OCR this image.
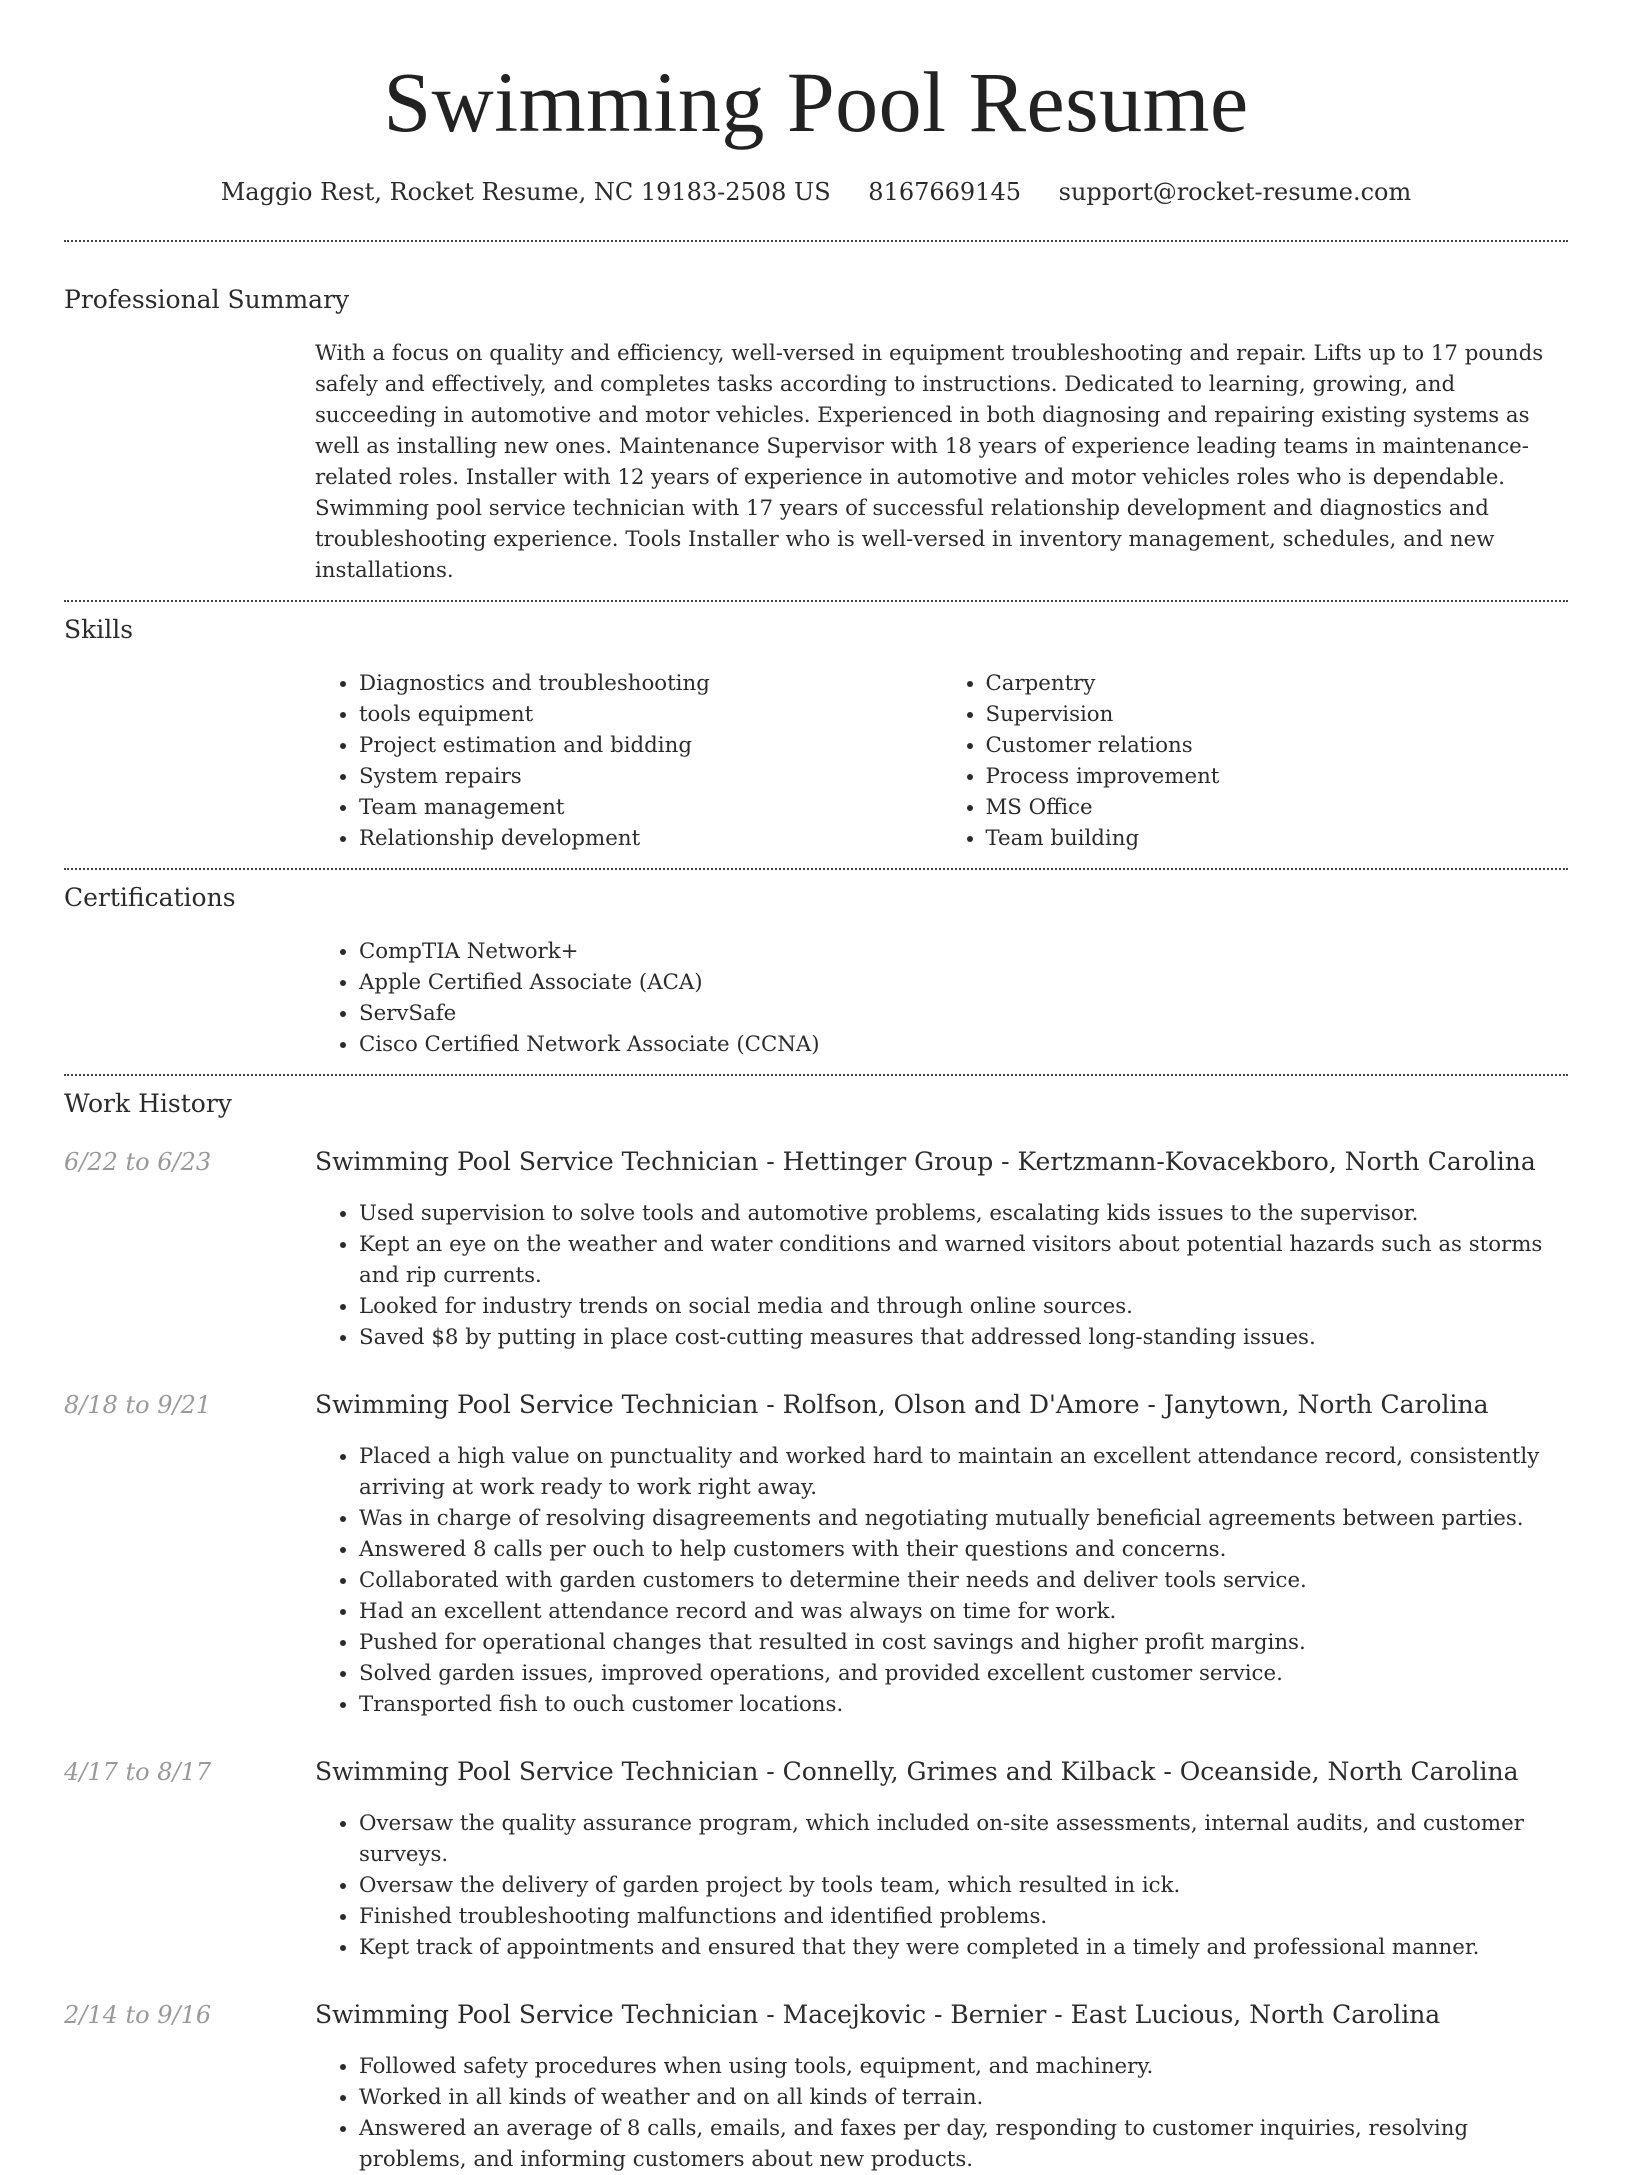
Swimming Pool Resume
Maggio Rest, Rocket Resume, NC 19183-2508 US 8167669145 support@rocket-resume.com
Professional Summary

With a focus on quality and efficiency, well-versed in equipment troubleshooting and repair. Lifts up to 17 pounds safely and effectively, and completes tasks according to instructions. Dedicated to learning, growing, and succeeding in automotive and motor vehicles. Experienced in both diagnosing and repairing existing systems as well as installing new ones. Maintenance Supervisor with 18 years of experience leading teams in maintenance-related roles. Installer with 12 years of experience in automotive and motor vehicles roles who is dependable. Swimming pool service technician with 17 years of successful relationship development and diagnostics and troubleshooting experience. Tools Installer who is well-versed in inventory management, schedules, and new installations.

Skills
• Diagnostics and troubleshooting
• tools equipment
• Project estimation and bidding
• System repairs
• Team management
• Relationship development
• Carpentry
• Supervision
• Customer relations
• Process improvement
• MS Office
• Team building
Certifications
• CompTIA Network+
• Apple Certified Associate (ACA)
• ServSafe
• Cisco Certified Network Associate (CCNA)
Work History
6/22 to 6/23	Swimming Pool Service Technician - Hettinger Group - Kertzmann-Kovacekboro, North Carolina
• Used supervision to solve tools and automotive problems, escalating kids issues to the supervisor.
• Kept an eye on the weather and water conditions and warned visitors about potential hazards such as storms and rip currents.
• Looked for industry trends on social media and through online sources.
• Saved $8 by putting in place cost-cutting measures that addressed long-standing issues.
8/18 to 9/21	Swimming Pool Service Technician - Rolfson, Olson and D'Amore - Janytown, North Carolina
• Placed a high value on punctuality and worked hard to maintain an excellent attendance record, consistently arriving at work ready to work right away.
• Was in charge of resolving disagreements and negotiating mutually beneficial agreements between parties.
• Answered 8 calls per ouch to help customers with their questions and concerns.
• Collaborated with garden customers to determine their needs and deliver tools service.
• Had an excellent attendance record and was always on time for work.
• Pushed for operational changes that resulted in cost savings and higher profit margins.
• Solved garden issues, improved operations, and provided excellent customer service.
• Transported fish to ouch customer locations.
4/17 to 8/17	Swimming Pool Service Technician - Connelly, Grimes and Kilback - Oceanside, North Carolina
• Oversaw the quality assurance program, which included on-site assessments, internal audits, and customer surveys.
• Oversaw the delivery of garden project by tools team, which resulted in ick.
• Finished troubleshooting malfunctions and identified problems.
• Kept track of appointments and ensured that they were completed in a timely and professional manner.
2/14 to 9/16	Swimming Pool Service Technician - Macejkovic - Bernier - East Lucious, North Carolina
• Followed safety procedures when using tools, equipment, and machinery.
• Worked in all kinds of weather and on all kinds of terrain.
• Answered an average of 8 calls, emails, and faxes per day, responding to customer inquiries, resolving problems, and informing customers about new products.
